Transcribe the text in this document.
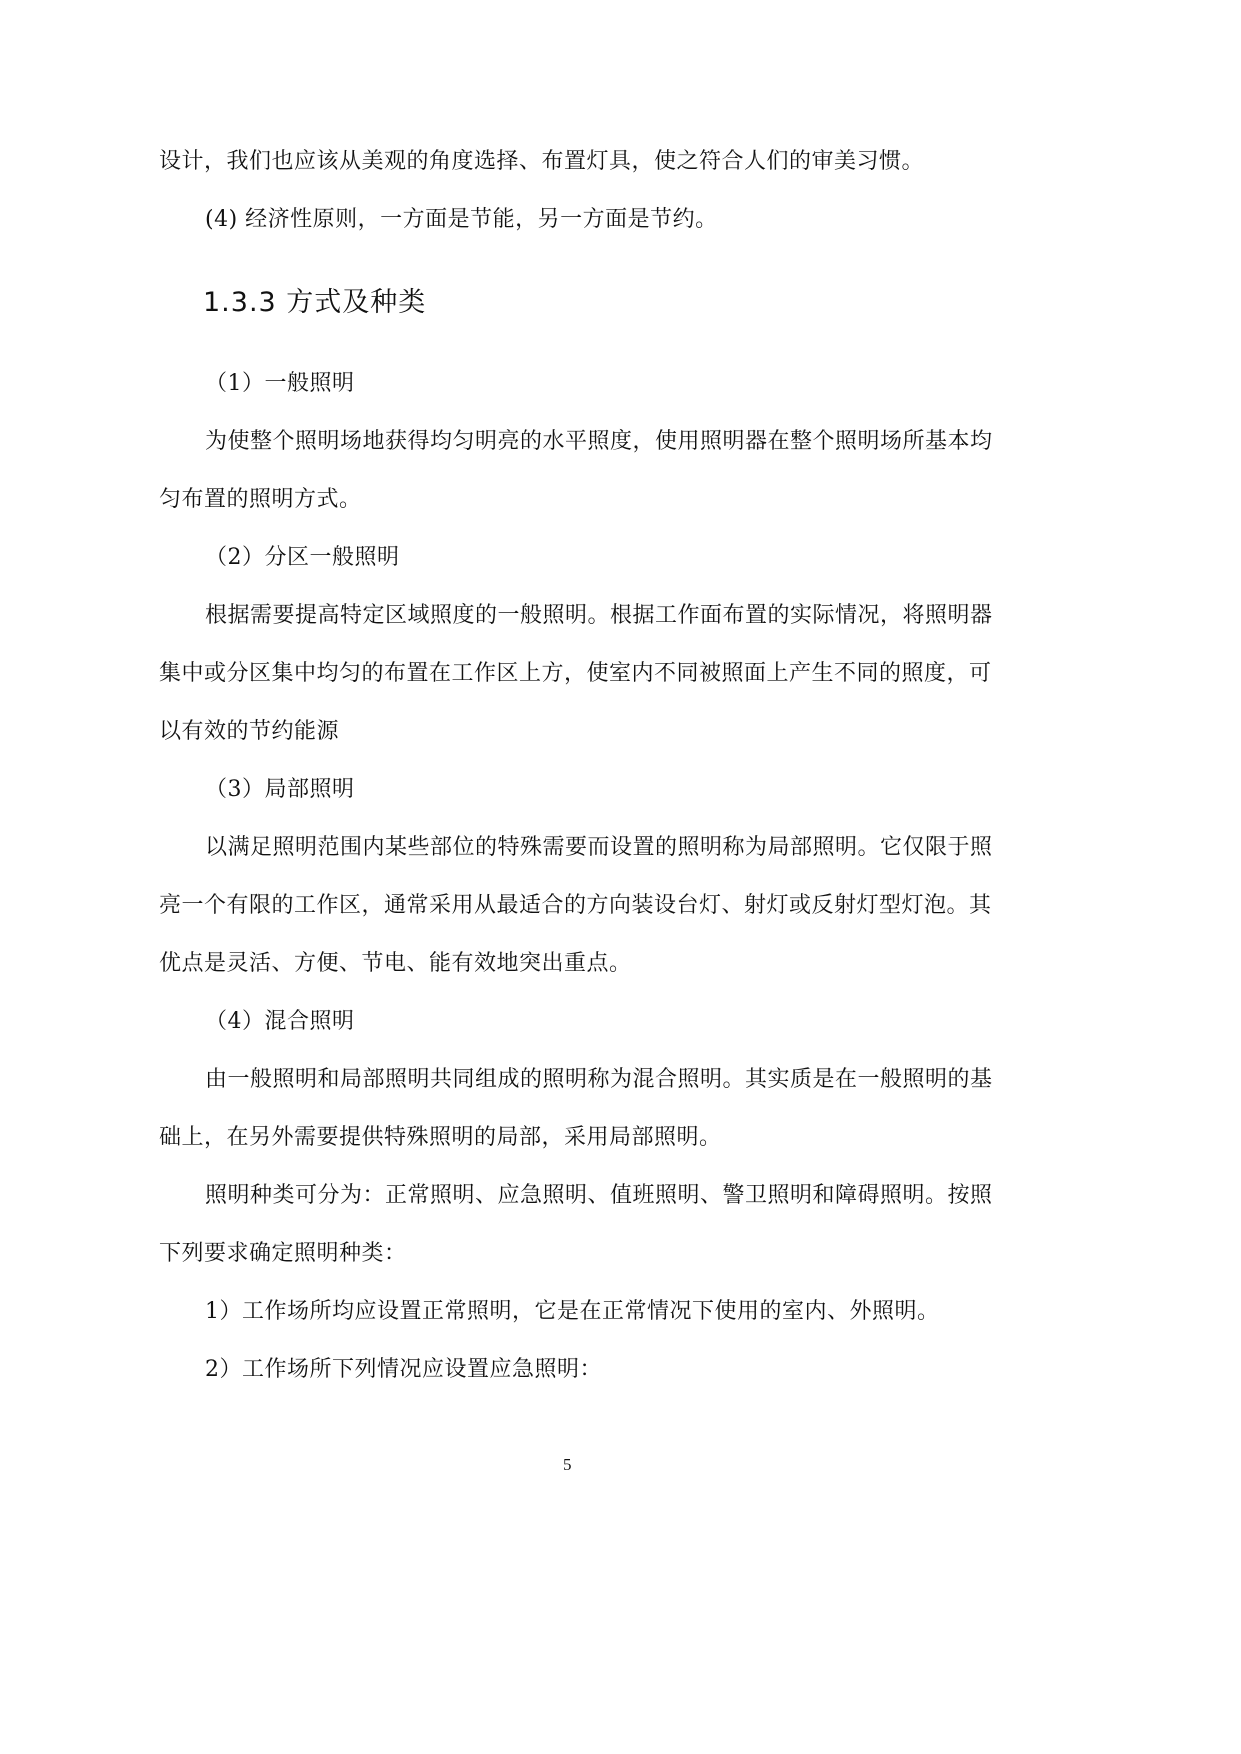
设计，我们也应该从美观的角度选择、布置灯具，使之符合人们的审美习惯。
(4) 经济性原则，一方面是节能，另一方面是节约。
1.3.3 方式及种类
（1）一般照明
为使整个照明场地获得均匀明亮的水平照度，使用照明器在整个照明场所基本均
匀布置的照明方式。
（2）分区一般照明
根据需要提高特定区域照度的一般照明。根据工作面布置的实际情况，将照明器
集中或分区集中均匀的布置在工作区上方，使室内不同被照面上产生不同的照度，可
以有效的节约能源
（3）局部照明
以满足照明范围内某些部位的特殊需要而设置的照明称为局部照明。它仅限于照
亮一个有限的工作区，通常采用从最适合的方向装设台灯、射灯或反射灯型灯泡。其
优点是灵活、方便、节电、能有效地突出重点。
（4）混合照明
由一般照明和局部照明共同组成的照明称为混合照明。其实质是在一般照明的基
础上，在另外需要提供特殊照明的局部，采用局部照明。
照明种类可分为：正常照明、应急照明、值班照明、警卫照明和障碍照明。按照
下列要求确定照明种类：
1）工作场所均应设置正常照明，它是在正常情况下使用的室内、外照明。
2）工作场所下列情况应设置应急照明：
5
